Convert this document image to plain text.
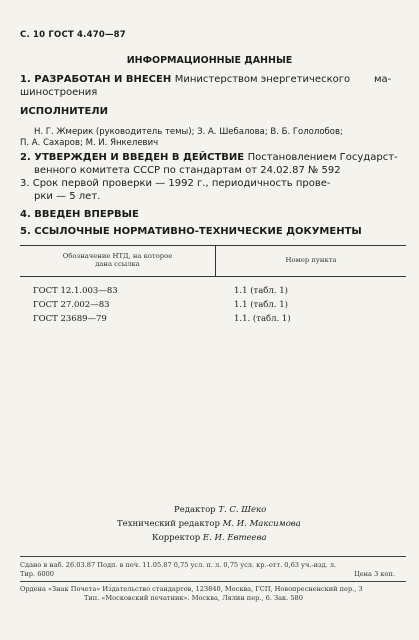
С. 10 ГОСТ 4.470—87
ИНФОРМАЦИОННЫЕ ДАННЫЕ
1. РАЗРАБОТАН И ВНЕСЕН Министерством энергетического ма-
шиностроения
ИСПОЛНИТЕЛИ
Н. Г. Жмерик (руководитель темы); З. А. Шебалова; В. Б. Гололобов;
П. А. Сахаров; М. И. Янкелевич
2. УТВЕРЖДЕН И ВВЕДЕН В ДЕЙСТВИЕ Постановлением Государст-
венного комитета СССР по стандартам от 24.02.87 № 592
3. Срок первой проверки — 1992 г., периодичность прове-
рки — 5 лет.
4. ВВЕДЕН ВПЕРВЫЕ
5. ССЫЛОЧНЫЕ НОРМАТИВНО-ТЕХНИЧЕСКИЕ ДОКУМЕНТЫ
Обозначение НТД, на которое
дана ссылка	Номер пункта
ГОСТ 12.1.003—83	1.1 (табл. 1)
ГОСТ 27.002—83	1.1 (табл. 1)
ГОСТ 23689—79	1.1. (табл. 1)
Редактор Т. С. Шеко
Технический редактор М. И. Максимова
Корректор Е. И. Евтеева
Сдано в наб. 26.03.87 Подп. в печ. 11.05.87 0,75 усл. п. л. 0,75 усл. кр.-отт. 0,63 уч.-изд. л.
Тир. 6000	Цена 3 коп.
Ордена «Знак Почета» Издательство стандартов, 123840, Москва, ГСП, Новопресненский пер., 3
Тип. «Московский печатник». Москва, Лялин пер., 6. Зак. 580
